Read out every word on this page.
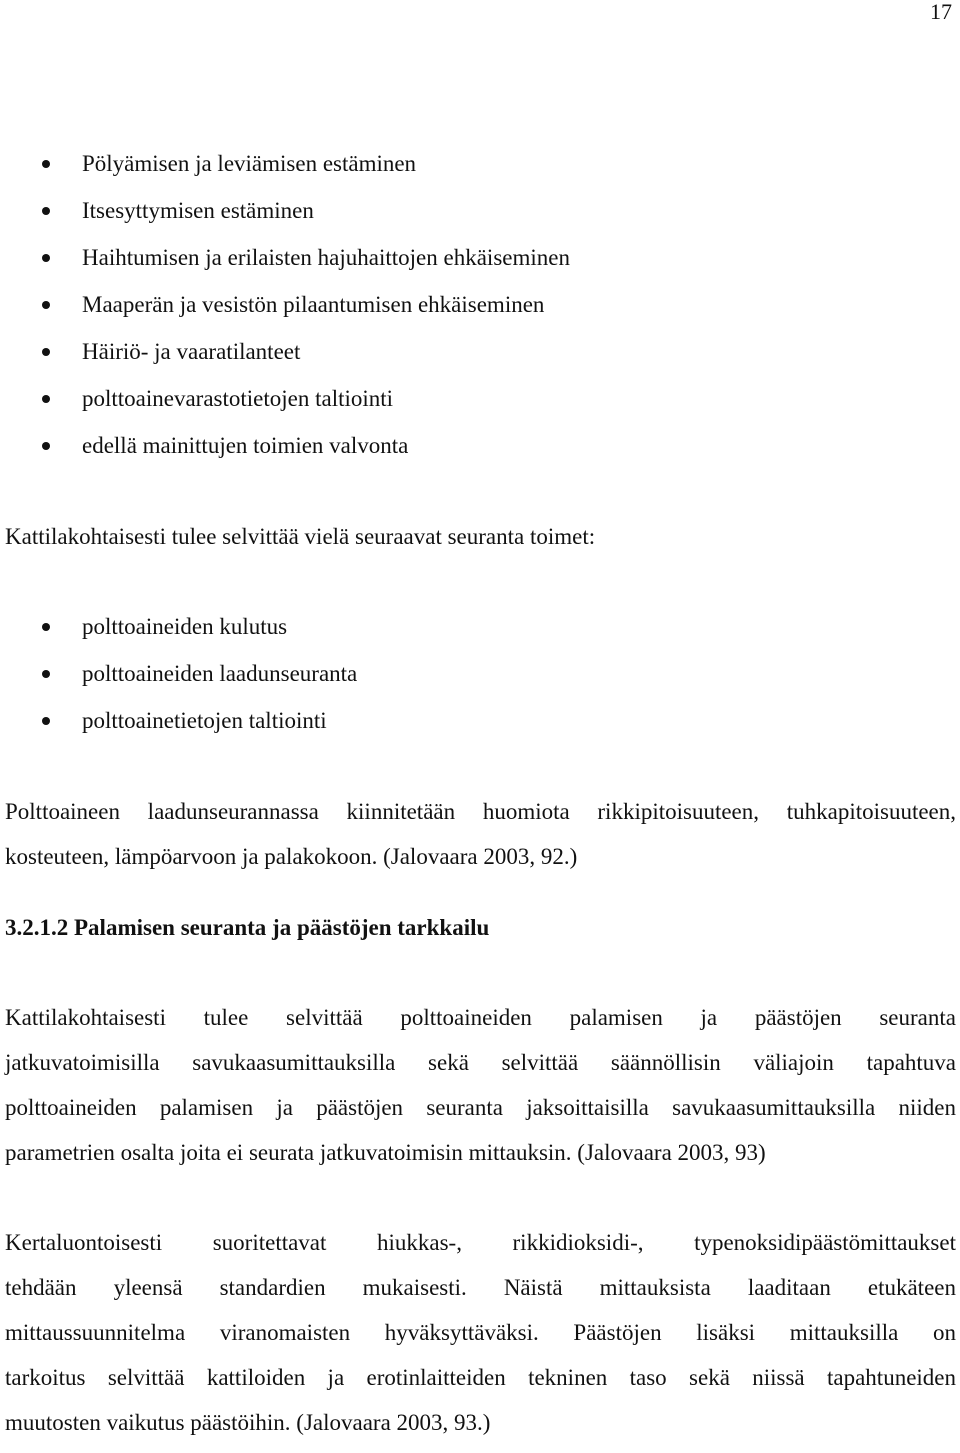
17
Pölyämisen ja leviämisen estäminen
Itsesyttymisen estäminen
Haihtumisen ja erilaisten hajuhaittojen ehkäiseminen
Maaperän ja vesistön pilaantumisen ehkäiseminen
Häiriö- ja vaaratilanteet
polttoainevarastotietojen taltiointi
edellä mainittujen toimien valvonta
Kattilakohtaisesti tulee selvittää vielä seuraavat seuranta toimet:
polttoaineiden kulutus
polttoaineiden laadunseuranta
polttoainetietojen taltiointi
Polttoaineen laadunseurannassa kiinnitetään huomiota rikkipitoisuuteen, tuhkapitoisuuteen,
kosteuteen, lämpöarvoon ja palakokoon. (Jalovaara 2003, 92.)
3.2.1.2 Palamisen seuranta ja päästöjen tarkkailu
Kattilakohtaisesti tulee selvittää polttoaineiden palamisen ja päästöjen seuranta
jatkuvatoimisilla savukaasumittauksilla sekä selvittää säännöllisin väliajoin tapahtuva
polttoaineiden palamisen ja päästöjen seuranta jaksoittaisilla savukaasumittauksilla niiden
parametrien osalta joita ei seurata jatkuvatoimisin mittauksin. (Jalovaara 2003, 93)
Kertaluontoisesti suoritettavat hiukkas-, rikkidioksidi-, typenoksidipäästömittaukset
tehdään yleensä standardien mukaisesti. Näistä mittauksista laaditaan etukäteen
mittaussuunnitelma viranomaisten hyväksyttäväksi. Päästöjen lisäksi mittauksilla on
tarkoitus selvittää kattiloiden ja erotinlaitteiden tekninen taso sekä niissä tapahtuneiden
muutosten vaikutus päästöihin. (Jalovaara 2003, 93.)
